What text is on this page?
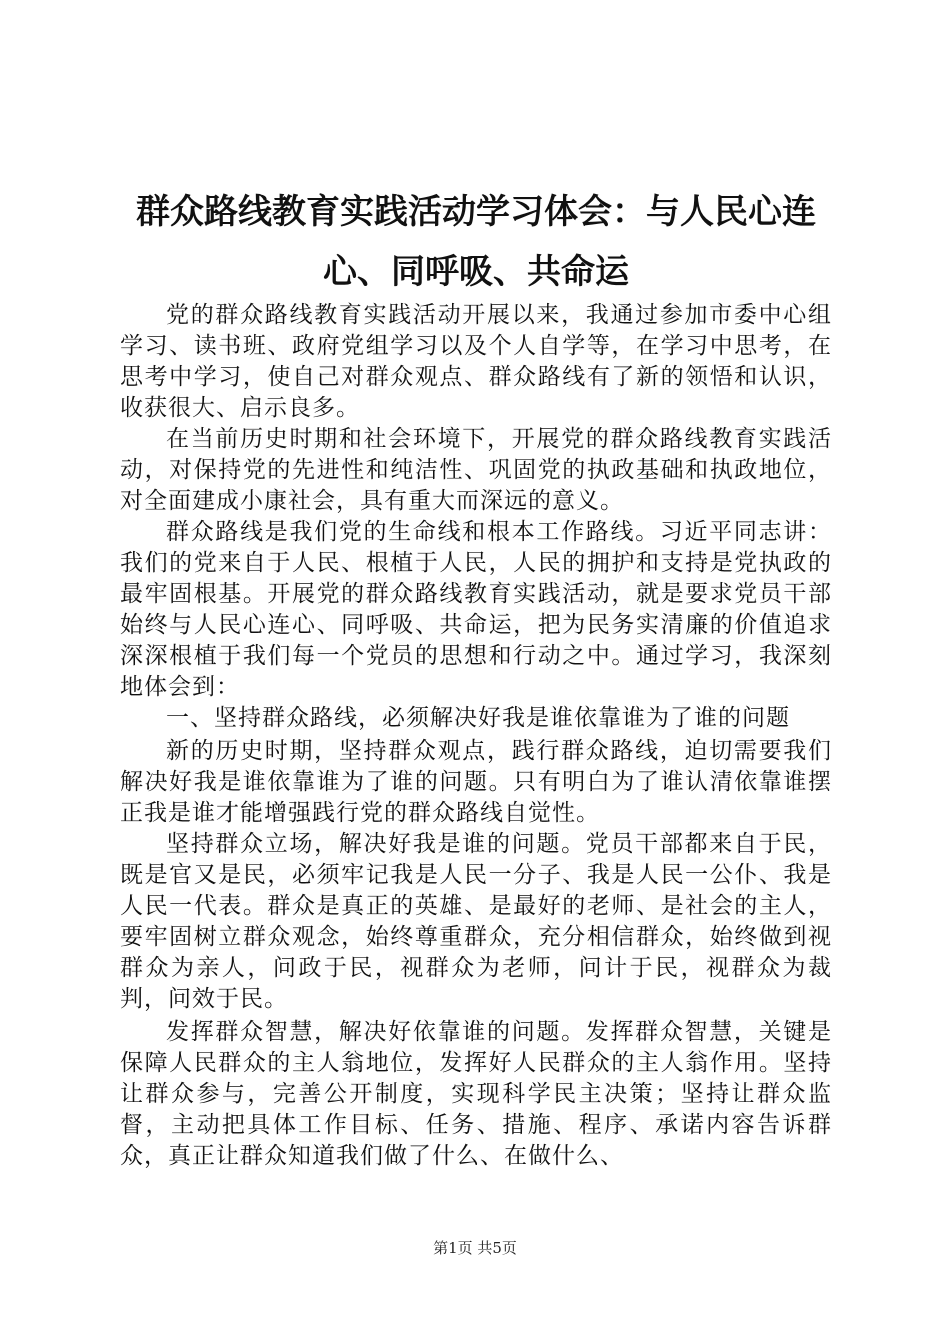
群众路线教育实践活动学习体会：与人民心连
心、同呼吸、共命运

党的群众路线教育实践活动开展以来，我通过参加市委中心组学习、读书班、政府党组学习以及个人自学等，在学习中思考，在思考中学习，使自己对群众观点、群众路线有了新的领悟和认识，收获很大、启示良多。

在当前历史时期和社会环境下，开展党的群众路线教育实践活动，对保持党的先进性和纯洁性、巩固党的执政基础和执政地位，对全面建成小康社会，具有重大而深远的意义。

群众路线是我们党的生命线和根本工作路线。习近平同志讲：我们的党来自于人民、根植于人民，人民的拥护和支持是党执政的最牢固根基。开展党的群众路线教育实践活动，就是要求党员干部始终与人民心连心、同呼吸、共命运，把为民务实清廉的价值追求深深根植于我们每一个党员的思想和行动之中。通过学习，我深刻地体会到：

一、坚持群众路线，必须解决好我是谁依靠谁为了谁的问题

新的历史时期，坚持群众观点，践行群众路线，迫切需要我们解决好我是谁依靠谁为了谁的问题。只有明白为了谁认清依靠谁摆正我是谁才能增强践行党的群众路线自觉性。

坚持群众立场，解决好我是谁的问题。党员干部都来自于民，既是官又是民，必须牢记我是人民一分子、我是人民一公仆、我是人民一代表。群众是真正的英雄、是最好的老师、是社会的主人，要牢固树立群众观念，始终尊重群众，充分相信群众，始终做到视群众为亲人，问政于民，视群众为老师，问计于民，视群众为裁判，问效于民。

发挥群众智慧，解决好依靠谁的问题。发挥群众智慧，关键是保障人民群众的主人翁地位，发挥好人民群众的主人翁作用。坚持让群众参与，完善公开制度，实现科学民主决策；坚持让群众监督，主动把具体工作目标、任务、措施、程序、承诺内容告诉群众，真正让群众知道我们做了什么、在做什么、

第1页 共5页
